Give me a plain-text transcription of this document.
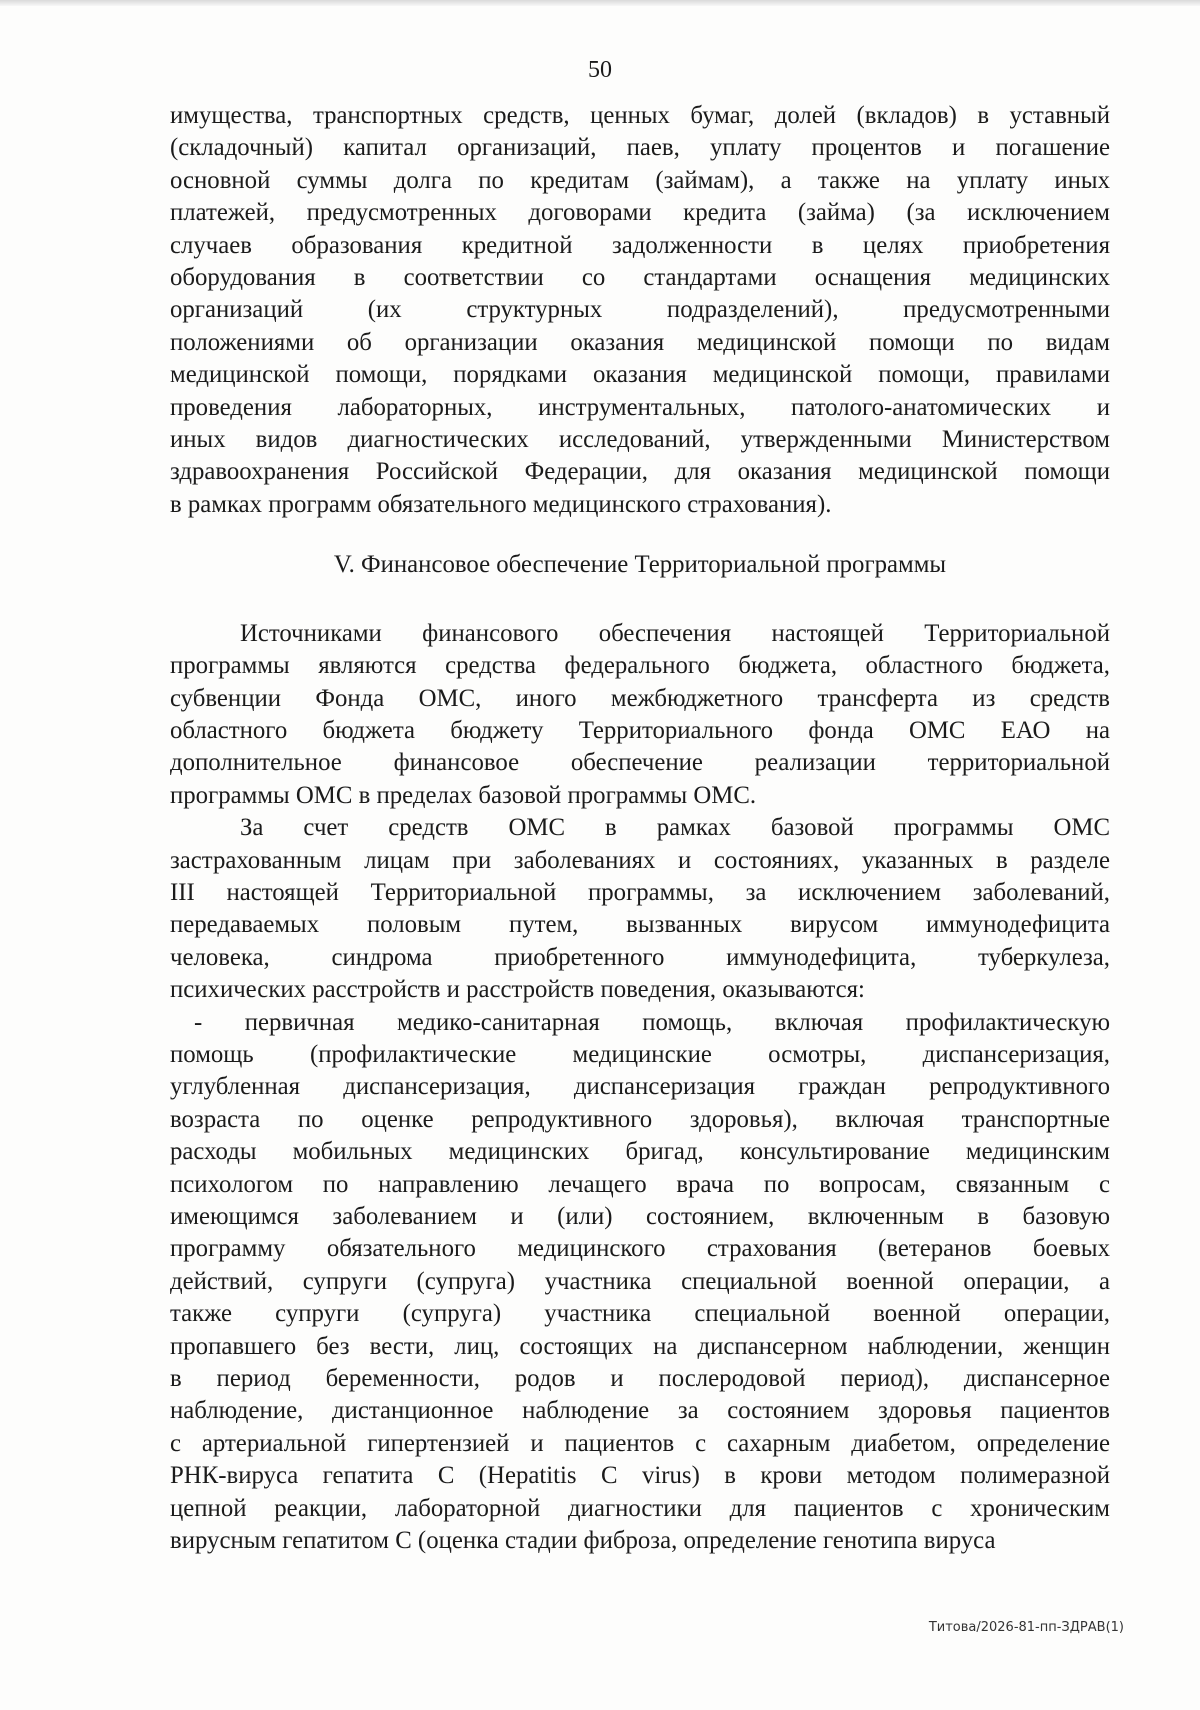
50
имущества, транспортных средств, ценных бумаг, долей (вкладов) в уставный
(складочный) капитал организаций, паев, уплату процентов и погашение
основной суммы долга по кредитам (займам), а также на уплату иных
платежей, предусмотренных договорами кредита (займа) (за исключением
случаев образования кредитной задолженности в целях приобретения
оборудования в соответствии со стандартами оснащения медицинских
организаций (их структурных подразделений), предусмотренными
положениями об организации оказания медицинской помощи по видам
медицинской помощи, порядками оказания медицинской помощи, правилами
проведения лабораторных, инструментальных, патолого-анатомических и
иных видов диагностических исследований, утвержденными Министерством
здравоохранения Российской Федерации, для оказания медицинской помощи
в рамках программ обязательного медицинского страхования).
V. Финансовое обеспечение Территориальной программы
Источниками финансового обеспечения настоящей Территориальной
программы являются средства федерального бюджета, областного бюджета,
субвенции Фонда ОМС, иного межбюджетного трансферта из средств
областного бюджета бюджету Территориального фонда ОМС ЕАО на
дополнительное финансовое обеспечение реализации территориальной
программы ОМС в пределах базовой программы ОМС.
За счет средств ОМС в рамках базовой программы ОМС
застрахованным лицам при заболеваниях и состояниях, указанных в разделе
III настоящей Территориальной программы, за исключением заболеваний,
передаваемых половым путем, вызванных вирусом иммунодефицита
человека, синдрома приобретенного иммунодефицита, туберкулеза,
психических расстройств и расстройств поведения, оказываются:
- первичная медико-санитарная помощь, включая профилактическую
помощь (профилактические медицинские осмотры, диспансеризация,
углубленная диспансеризация, диспансеризация граждан репродуктивного
возраста по оценке репродуктивного здоровья), включая транспортные
расходы мобильных медицинских бригад, консультирование медицинским
психологом по направлению лечащего врача по вопросам, связанным с
имеющимся заболеванием и (или) состоянием, включенным в базовую
программу обязательного медицинского страхования (ветеранов боевых
действий, супруги (супруга) участника специальной военной операции, а
также супруги (супруга) участника специальной военной операции,
пропавшего без вести, лиц, состоящих на диспансерном наблюдении, женщин
в период беременности, родов и послеродовой период), диспансерное
наблюдение, дистанционное наблюдение за состоянием здоровья пациентов
с артериальной гипертензией и пациентов с сахарным диабетом, определение
РНК-вируса гепатита С (Hepatitis C virus) в крови методом полимеразной
цепной реакции, лабораторной диагностики для пациентов с хроническим
вирусным гепатитом С (оценка стадии фиброза, определение генотипа вируса
Титова/2026-81-пп-ЗДРАВ(1)
